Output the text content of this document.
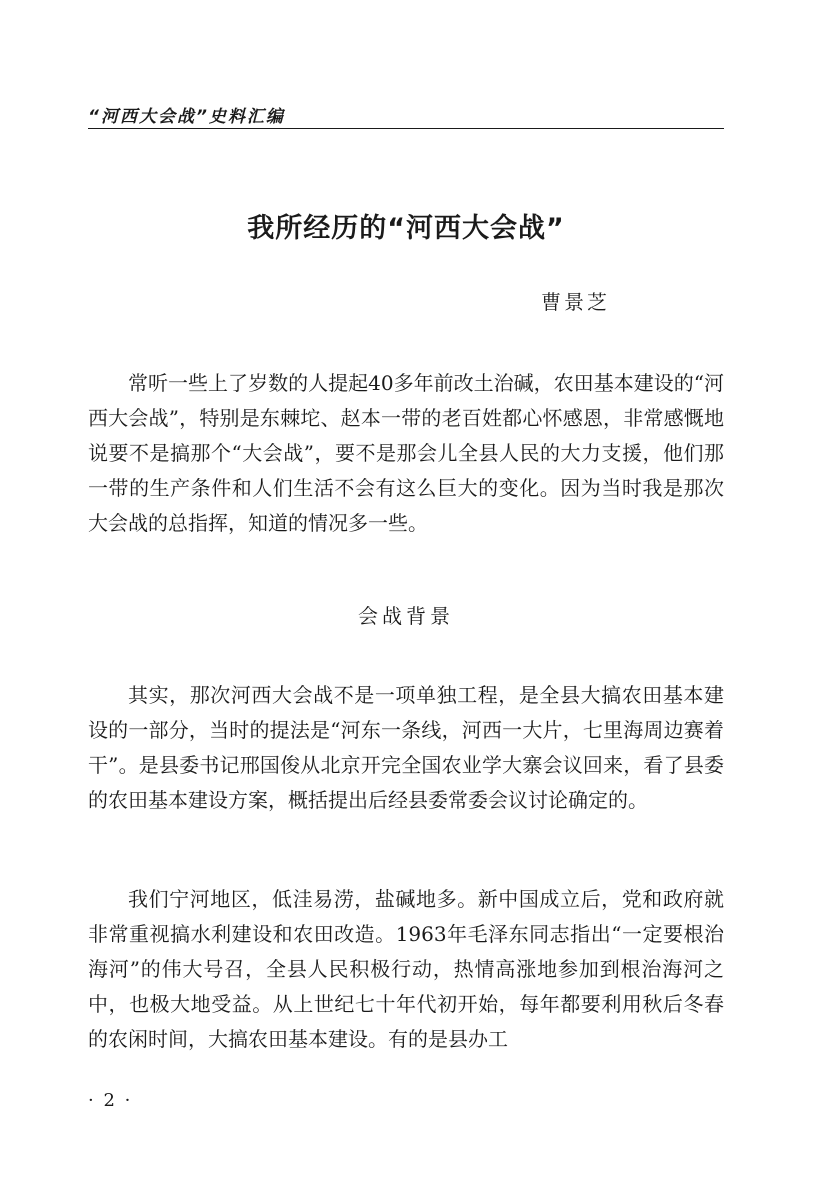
“河西大会战”史料汇编
我所经历的“河西大会战”
曹景芝

常听一些上了岁数的人提起40多年前改土治碱，农田基本建设的“河西大会战”，特别是东棘坨、赵本一带的老百姓都心怀感恩，非常感慨地说要不是搞那个“大会战”，要不是那会儿全县人民的大力支援，他们那一带的生产条件和人们生活不会有这么巨大的变化。因为当时我是那次大会战的总指挥，知道的情况多一些。

会战背景

其实，那次河西大会战不是一项单独工程，是全县大搞农田基本建设的一部分，当时的提法是“河东一条线，河西一大片，七里海周边赛着干”。是县委书记邢国俊从北京开完全国农业学大寨会议回来，看了县委的农田基本建设方案，概括提出后经县委常委会议讨论确定的。

我们宁河地区，低洼易涝，盐碱地多。新中国成立后，党和政府就非常重视搞水利建设和农田改造。1963年毛泽东同志指出“一定要根治海河”的伟大号召，全县人民积极行动，热情高涨地参加到根治海河之中，也极大地受益。从上世纪七十年代初开始，每年都要利用秋后冬春的农闲时间，大搞农田基本建设。有的是县办工

· 2 ·
